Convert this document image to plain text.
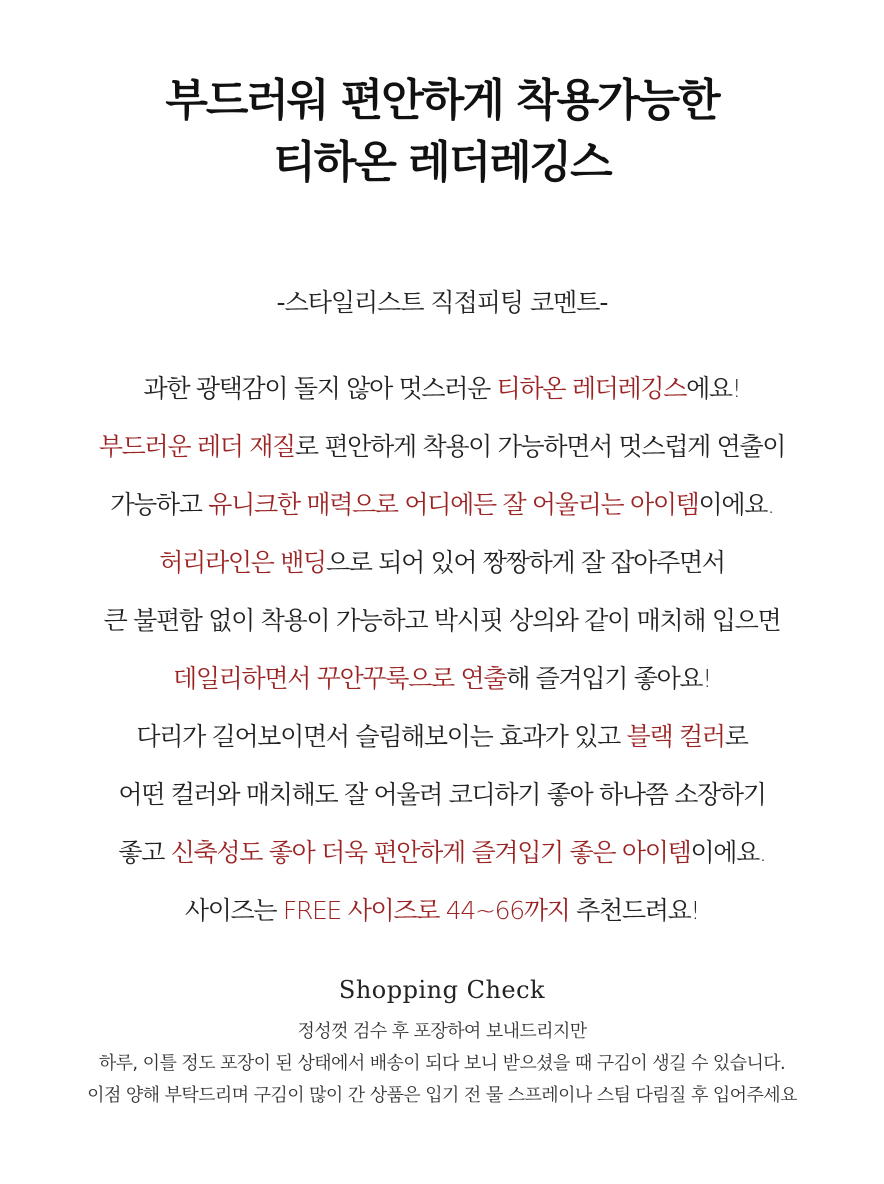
부드러워 편안하게 착용가능한
티하온 레더레깅스
-스타일리스트 직접피팅 코멘트-
과한 광택감이 돌지 않아 멋스러운 티하온 레더레깅스에요!
부드러운 레더 재질로 편안하게 착용이 가능하면서 멋스럽게 연출이
가능하고 유니크한 매력으로 어디에든 잘 어울리는 아이템이에요.
허리라인은 밴딩으로 되어 있어 짱짱하게 잘 잡아주면서
큰 불편함 없이 착용이 가능하고 박시핏 상의와 같이 매치해 입으면
데일리하면서 꾸안꾸룩으로 연출해 즐겨입기 좋아요!
다리가 길어보이면서 슬림해보이는 효과가 있고 블랙 컬러로
어떤 컬러와 매치해도 잘 어울려 코디하기 좋아 하나쯤 소장하기
좋고 신축성도 좋아 더욱 편안하게 즐겨입기 좋은 아이템이에요.
사이즈는 FREE 사이즈로 44~66까지 추천드려요!
Shopping Check
정성껏 검수 후 포장하여 보내드리지만
하루, 이틀 정도 포장이 된 상태에서 배송이 되다 보니 받으셨을 때 구김이 생길 수 있습니다.
이점 양해 부탁드리며 구김이 많이 간 상품은 입기 전 물 스프레이나 스팀 다림질 후 입어주세요
